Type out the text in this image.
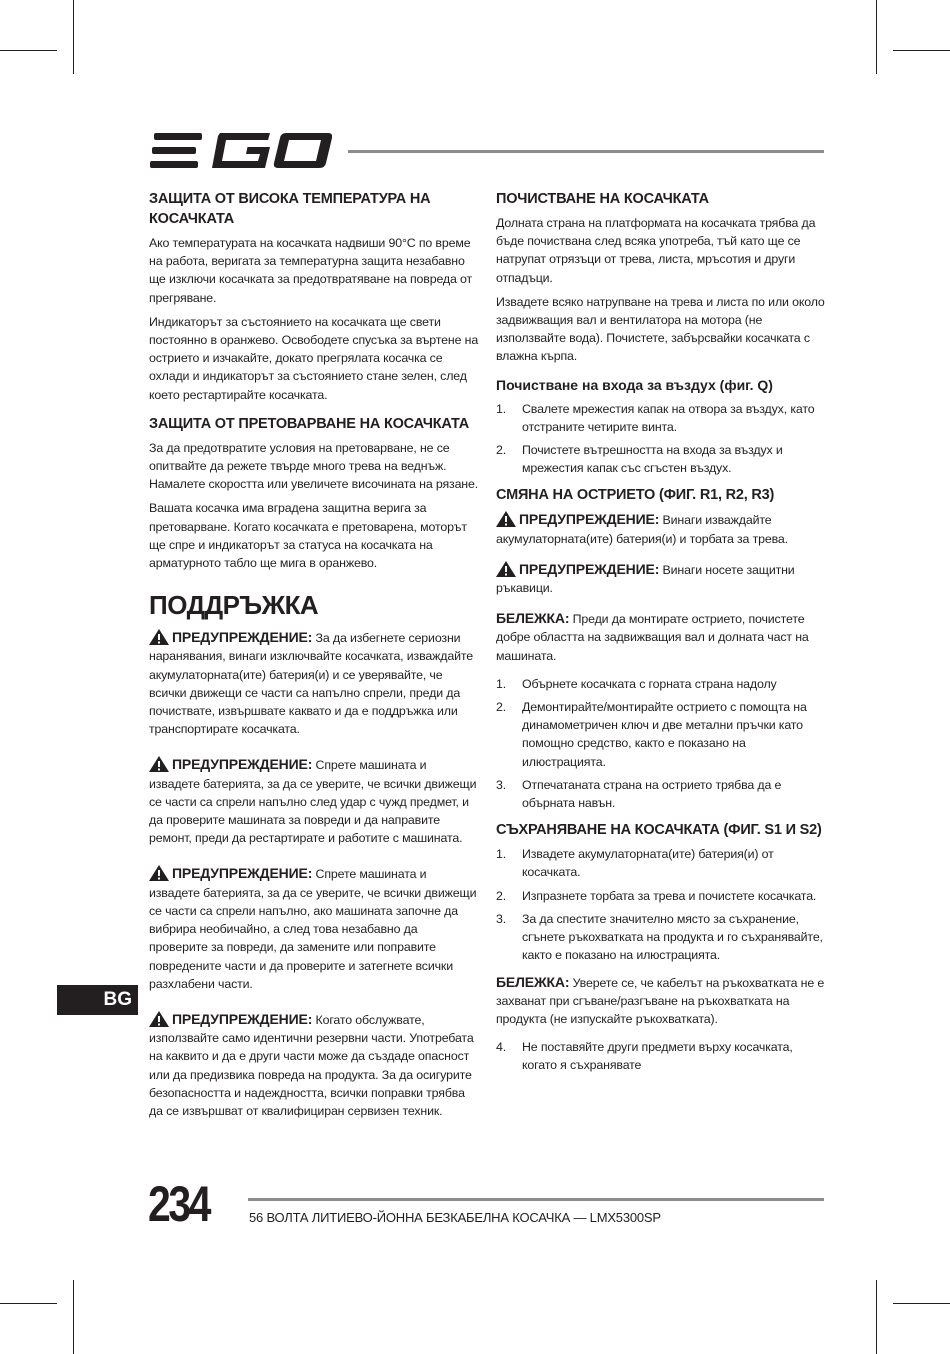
ЗАЩИТА ОТ ВИСОКА ТЕМПЕРАТУРА НА КОСАЧКАТА
Ако температурата на косачката надвиши 90°C по време на работа, веригата за температурна защита незабавно ще изключи косачката за предотвратяване на повреда от прегряване.
Индикаторът за състоянието на косачката ще свети постоянно в оранжево. Освободете спусъка за въртене на острието и изчакайте, докато прегрялата косачка се охлади и индикаторът за състоянието стане зелен, след което рестартирайте косачката.
ЗАЩИТА ОТ ПРЕТОВАРВАНЕ НА КОСАЧКАТА
За да предотвратите условия на претоварване, не се опитвайте да режете твърде много трева на веднъж. Намалете скоростта или увеличете височината на рязане.
Вашата косачка има вградена защитна верига за претоварване. Когато косачката е претоварена, моторът ще спре и индикаторът за статуса на косачката на арматурното табло ще мига в оранжево.
ПОДДРЪЖКА
ПРЕДУПРЕЖДЕНИЕ: За да избегнете сериозни наранявания, винаги изключвайте косачката, изваждайте акумулаторната(ите) батерия(и) и се уверявайте, че всички движещи се части са напълно спрели, преди да почиствате, извършвате каквато и да е поддръжка или транспортирате косачката.
ПРЕДУПРЕЖДЕНИЕ: Спрете машината и извадете батерията, за да се уверите, че всички движещи се части са спрели напълно след удар с чужд предмет, и да проверите машината за повреди и да направите ремонт, преди да рестартирате и работите с машината.
ПРЕДУПРЕЖДЕНИЕ: Спрете машината и извадете батерията, за да се уверите, че всички движещи се части са спрели напълно, ако машината започне да вибрира необичайно, а след това незабавно да проверите за повреди, да замените или поправите повредените части и да проверите и затегнете всички разхлабени части.
ПРЕДУПРЕЖДЕНИЕ: Когато обслужвате, използвайте само идентични резервни части. Употребата на каквито и да е други части може да създаде опасност или да предизвика повреда на продукта. За да осигурите безопасността и надеждността, всички поправки трябва да се извършват от квалифициран сервизен техник.
ПОЧИСТВАНЕ НА КОСАЧКАТА
Долната страна на платформата на косачката трябва да бъде почиствана след всяка употреба, тъй като ще се натрупат отрязъци от трева, листа, мръсотия и други отпадъци.
Извадете всяко натрупване на трева и листа по или около задвижващия вал и вентилатора на мотора (не използвайте вода). Почистете, забърсвайки косачката с влажна кърпа.
Почистване на входа за въздух (фиг. Q)
1. Свалете мрежестия капак на отвора за въздух, като отстраните четирите винта.
2. Почистете вътрешността на входа за въздух и мрежестия капак със сгъстен въздух.
СМЯНА НА ОСТРИЕТО (ФИГ. R1, R2, R3)
ПРЕДУПРЕЖДЕНИЕ: Винаги изваждайте акумулаторната(ите) батерия(и) и торбата за трева.
ПРЕДУПРЕЖДЕНИЕ: Винаги носете защитни ръкавици.
БЕЛЕЖКА: Преди да монтирате острието, почистете добре областта на задвижващия вал и долната част на машината.
1. Обърнете косачката с горната страна надолу
2. Демонтирайте/монтирайте острието с помощта на динамометричен ключ и две метални пръчки като помощно средство, както е показано на илюстрацията.
3. Отпечатаната страна на острието трябва да е обърната навън.
СЪХРАНЯВАНЕ НА КОСАЧКАТА (ФИГ. S1 И S2)
1. Извадете акумулаторната(ите) батерия(и) от косачката.
2. Изпразнете торбата за трева и почистете косачката.
3. За да спестите значително място за съхранение, сгънете ръкохватката на продукта и го съхранявайте, както е показано на илюстрацията.
БЕЛЕЖКА: Уверете се, че кабелът на ръкохватката не е захванат при сгъване/разгъване на ръкохватката на продукта (не изпускайте ръкохватката).
4. Не поставяйте други предмети върху косачката, когато я съхранявате
BG
234	56 ВОЛТА ЛИТИЕВО-ЙОННА БЕЗКАБЕЛНА КОСАЧКА — LMX5300SP
